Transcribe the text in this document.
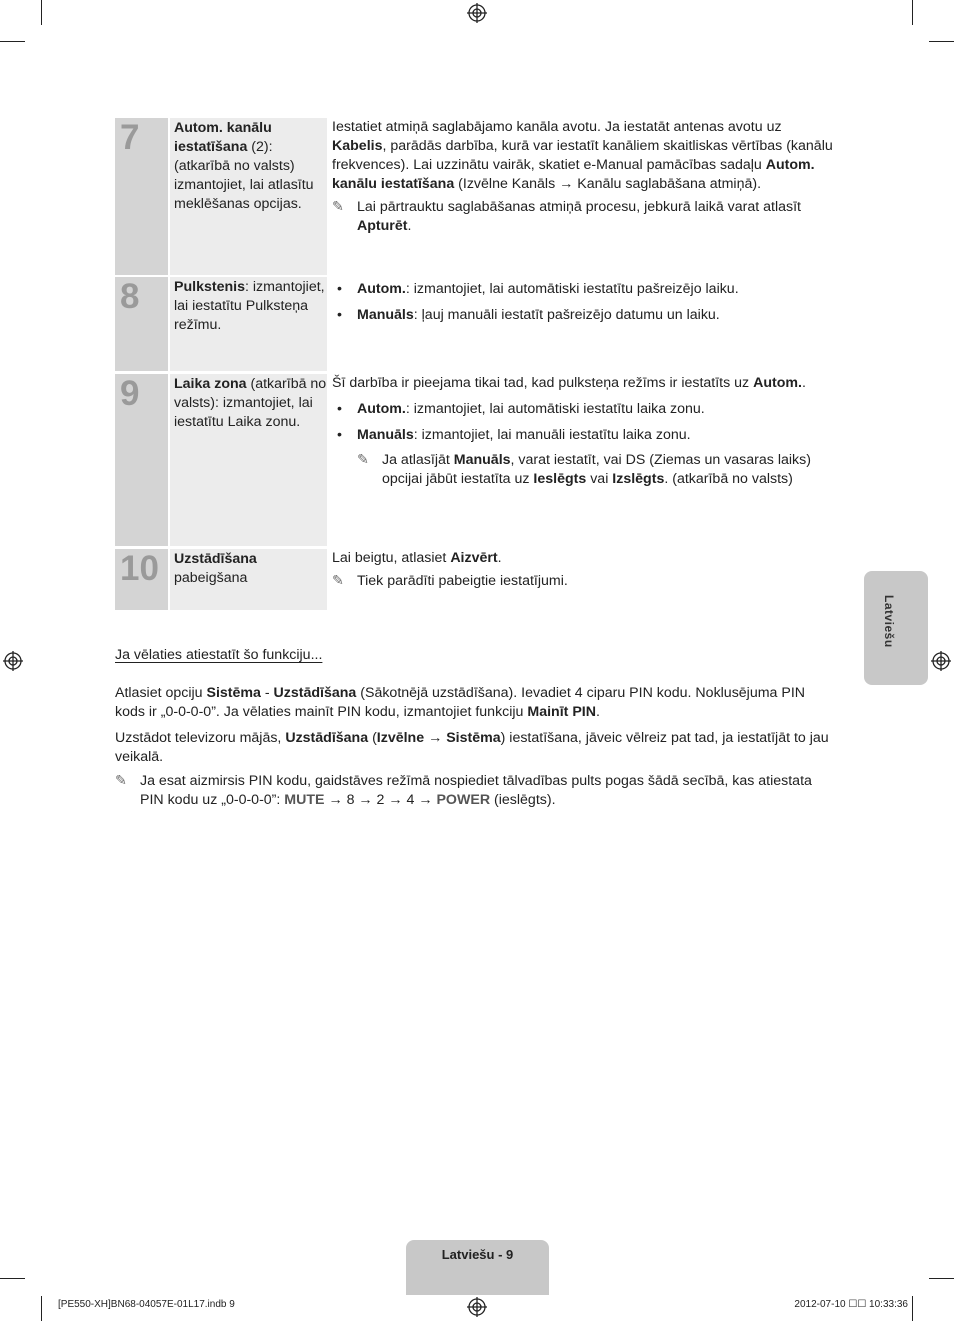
7	Autom. kanālu iestatīšana (2): (atkarībā no valsts) izmantojiet, lai atlasītu meklēšanas opcijas.

Iestatiet atmiņā saglabājamo kanāla avotu. Ja iestatāt antenas avotu uz Kabelis, parādās darbība, kurā var iestatīt kanāliem skaitliskas vērtības (kanālu frekvences). Lai uzzinātu vairāk, skatiet e-Manual pamācības sadaļu Autom. kanālu iestatīšana (Izvēlne Kanāls → Kanālu saglabāšana atmiņā).

✎ Lai pārtrauktu saglabāšanas atmiņā procesu, jebkurā laikā varat atlasīt Apturēt.
8	Pulkstenis: izmantojiet, lai iestatītu Pulksteņa režīmu.
• Autom.: izmantojiet, lai automātiski iestatītu pašreizējo laiku.
• Manuāls: ļauj manuāli iestatīt pašreizējo datumu un laiku.
9	Laika zona (atkarībā no valsts): izmantojiet, lai iestatītu Laika zonu.

Šī darbība ir pieejama tikai tad, kad pulksteņa režīms ir iestatīts uz Autom..

• Autom.: izmantojiet, lai automātiski iestatītu laika zonu.
• Manuāls: izmantojiet, lai manuāli iestatītu laika zonu.
✎ Ja atlasījāt Manuāls, varat iestatīt, vai DS (Ziemas un vasaras laiks) opcijai jābūt iestatīta uz Ieslēgts vai Izslēgts. (atkarībā no valsts)
10	Uzstādīšana pabeigšana

Lai beigtu, atlasiet Aizvērt.

✎ Tiek parādīti pabeigtie iestatījumi.

Ja vēlaties atiestatīt šo funkciju...

Atlasiet opciju Sistēma - Uzstādīšana (Sākotnējā uzstādīšana). Ievadiet 4 ciparu PIN kodu. Noklusējuma PIN kods ir „0-0-0-0”. Ja vēlaties mainīt PIN kodu, izmantojiet funkciju Mainīt PIN.

Uzstādot televizoru mājās, Uzstādīšana (Izvēlne → Sistēma) iestatīšana, jāveic vēlreiz pat tad, ja iestatījāt to jau veikalā.

✎ Ja esat aizmirsis PIN kodu, gaidstāves režīmā nospiediet tālvadības pults pogas šādā secībā, kas atiestata PIN kodu uz „0-0-0-0”: MUTE → 8 → 2 → 4 → POWER (ieslēgts).
Latviešu
Latviešu - 9
[PE550-XH]BN68-04057E-01L17.indb 9	2012-07-10 ☐☐ 10:33:36
